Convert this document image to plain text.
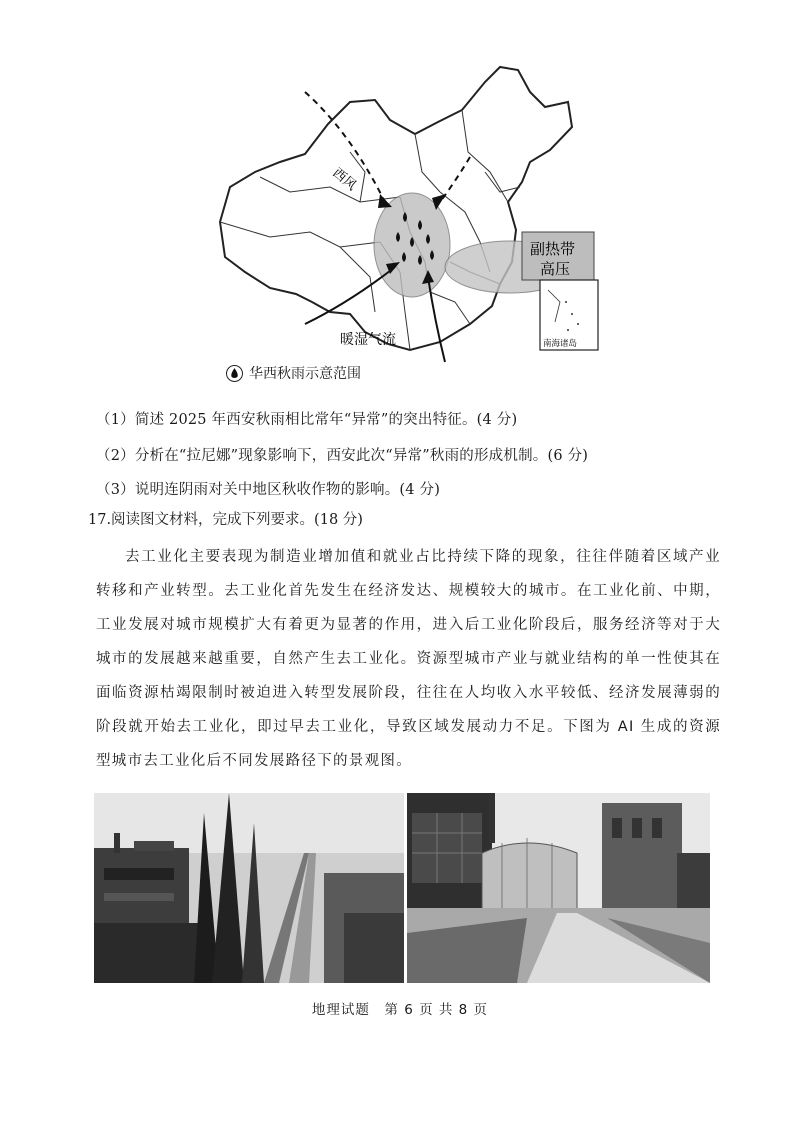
西风
副热带
高压
暖湿气流	南海诸岛
华西秋雨示意范围
（1）简述 2025 年西安秋雨相比常年“异常”的突出特征。(4 分)
（2）分析在“拉尼娜”现象影响下，西安此次“异常”秋雨的形成机制。(6 分)
（3）说明连阴雨对关中地区秋收作物的影响。(4 分)
17.阅读图文材料，完成下列要求。(18 分)
去工业化主要表现为制造业增加值和就业占比持续下降的现象，往往伴随着区域产业转移和产业转型。去工业化首先发生在经济发达、规模较大的城市。在工业化前、中期，工业发展对城市规模扩大有着更为显著的作用，进入后工业化阶段后，服务经济等对于大城市的发展越来越重要，自然产生去工业化。资源型城市产业与就业结构的单一性使其在面临资源枯竭限制时被迫进入转型发展阶段，往往在人均收入水平较低、经济发展薄弱的阶段就开始去工业化，即过早去工业化，导致区域发展动力不足。下图为 AI 生成的资源型城市去工业化后不同发展路径下的景观图。
地理试题　第 6 页 共 8 页
